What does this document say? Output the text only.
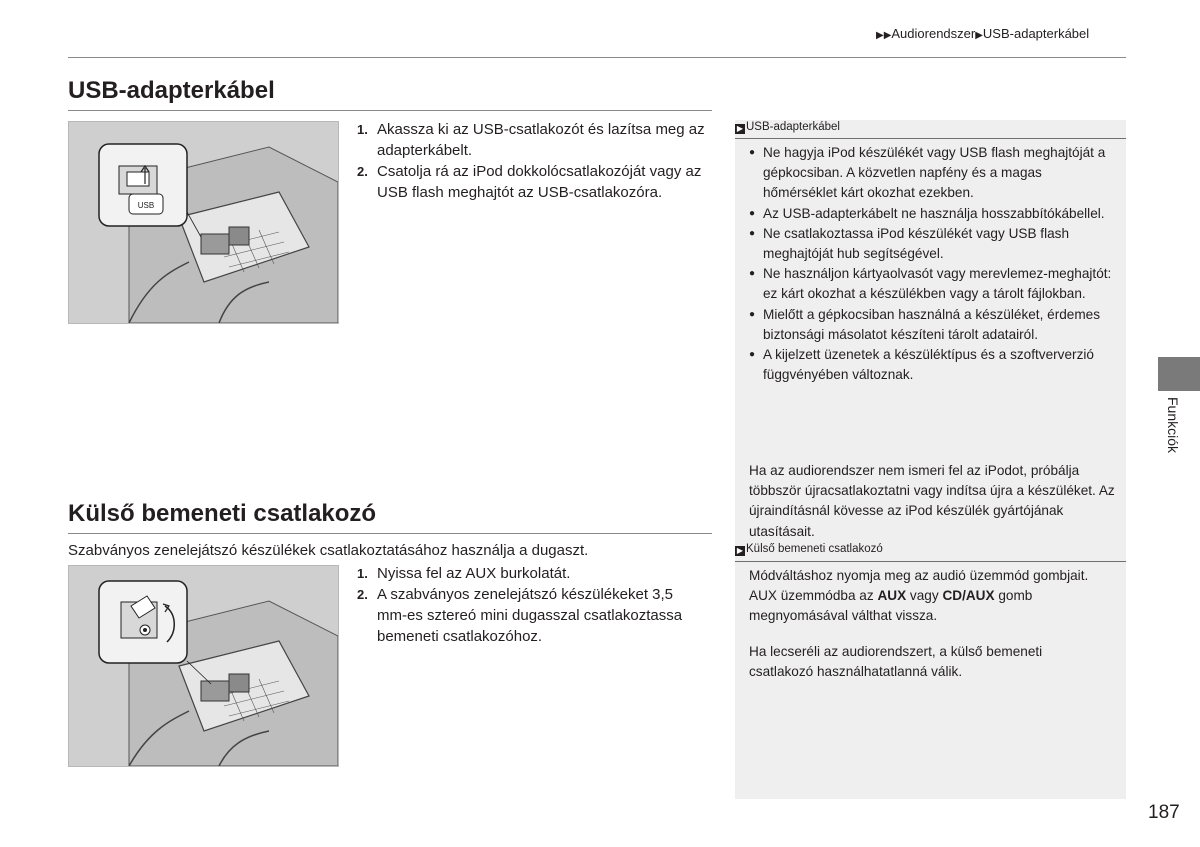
▶▶Audiorendszer▶USB-adapterkábel
USB-adapterkábel
USB
1. Akassza ki az USB-csatlakozót és lazítsa meg az adapterkábelt.
2. Csatolja rá az iPod dokkolócsatlakozóját vagy az USB flash meghajtót az USB-csatlakozóra.
Külső bemeneti csatlakozó
Szabványos zenelejátszó készülékek csatlakoztatásához használja a dugaszt.
1. Nyissa fel az AUX burkolatát.
2. A szabványos zenelejátszó készülékeket 3,5 mm-es sztereó mini dugasszal csatlakoztassa bemeneti csatlakozóhoz.
▶ USB-adapterkábel
● Ne hagyja iPod készülékét vagy USB flash meghajtóját a gépkocsiban. A közvetlen napfény és a magas hőmérséklet kárt okozhat ezekben.
● Az USB-adapterkábelt ne használja hosszabbítókábellel.
● Ne csatlakoztassa iPod készülékét vagy USB flash meghajtóját hub segítségével.
● Ne használjon kártyaolvasót vagy merevlemez-meghajtót: ez kárt okozhat a készülékben vagy a tárolt fájlokban.
● Mielőtt a gépkocsiban használná a készüléket, érdemes biztonsági másolatot készíteni tárolt adatairól.
● A kijelzett üzenetek a készüléktípus és a szoftververzió függvényében változnak.
Ha az audiorendszer nem ismeri fel az iPodot, próbálja többször újracsatlakoztatni vagy indítsa újra a készüléket. Az újraindításnál kövesse az iPod készülék gyártójának utasításait.
▶ Külső bemeneti csatlakozó
Módváltáshoz nyomja meg az audió üzemmód gombjait. AUX üzemmódba az AUX vagy CD/AUX gomb megnyomásával válthat vissza.
Ha lecseréli az audiorendszert, a külső bemeneti csatlakozó használhatatlanná válik.
Funkciók
187
